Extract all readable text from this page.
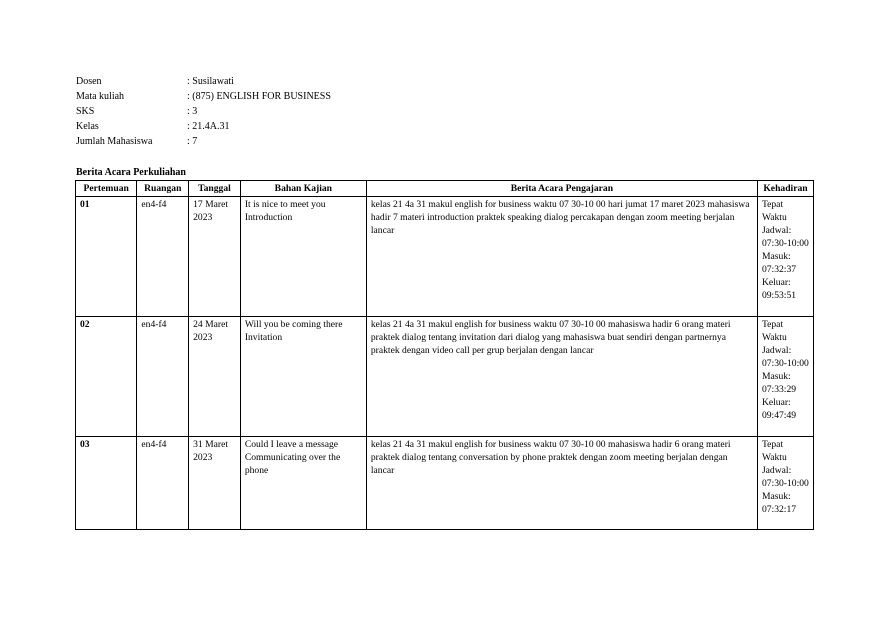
Dosen	: Susilawati
Mata kuliah	: (875) ENGLISH FOR BUSINESS
SKS	: 3
Kelas	: 21.4A.31
Jumlah Mahasiswa	: 7
Berita Acara Perkuliahan
Pertemuan	Ruangan	Tanggal	Bahan Kajian	Berita Acara Pengajaran	Kehadiran
01	en4-f4	17 Maret 2023	It is nice to meet you Introduction	kelas 21 4a 31 makul english for business waktu 07 30-10 00 hari jumat 17 maret 2023 mahasiswa hadir 7 materi introduction praktek speaking dialog percakapan dengan zoom meeting berjalan lancar	Tepat Waktu Jadwal: 07:30-10:00 Masuk: 07:32:37 Keluar: 09:53:51
02	en4-f4	24 Maret 2023	Will you be coming there Invitation	kelas 21 4a 31 makul english for business waktu 07 30-10 00 mahasiswa hadir 6 orang materi praktek dialog tentang invitation dari dialog yang mahasiswa buat sendiri dengan partnernya praktek dengan video call per grup berjalan dengan lancar	Tepat Waktu Jadwal: 07:30-10:00 Masuk: 07:33:29 Keluar: 09:47:49
03	en4-f4	31 Maret 2023	Could I leave a message Communicating over the phone	kelas 21 4a 31 makul english for business waktu 07 30-10 00 mahasiswa hadir 6 orang materi praktek dialog tentang conversation by phone praktek dengan zoom meeting berjalan dengan lancar	Tepat Waktu Jadwal: 07:30-10:00 Masuk: 07:32:17
